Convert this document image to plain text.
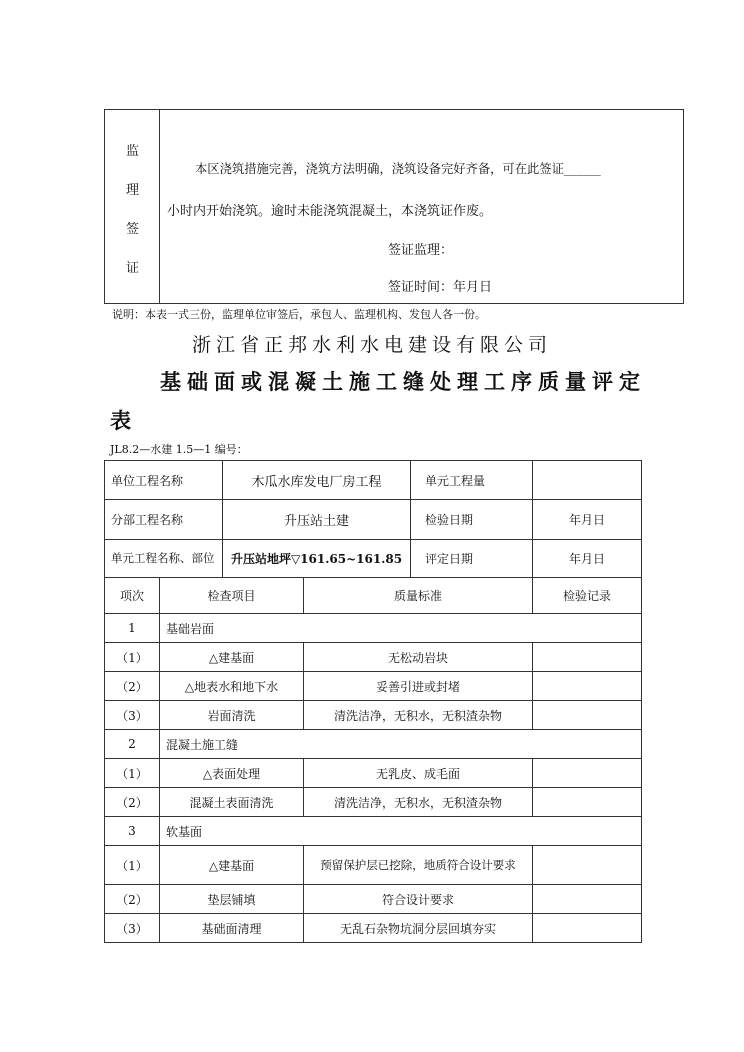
监
理
签
证
本区浇筑措施完善，浇筑方法明确，浇筑设备完好齐备，可在此签证______
小时内开始浇筑。逾时未能浇筑混凝土，本浇筑证作废。
签证监理：
签证时间：年月日
说明：本表一式三份，监理单位审签后，承包人、监理机构、发包人各一份。
浙江省正邦水利水电建设有限公司
基础面或混凝土施工缝处理工序质量评定
表
JL8.2—水建 1.5—1 编号：
单位工程名称		木瓜水库发电厂房工程		单元工程量	
分部工程名称		升压站土建		检验日期	年月日
单元工程名称、部位		升压站地坪▽161.65~161.85		评定日期	年月日
项次	检查项目		质量标准		检验记录
1	基础岩面				
（1）	△建基面		无松动岩块		
（2）	△地表水和地下水		妥善引进或封堵		
（3）	岩面清洗		清洗洁净，无积水，无积渣杂物		
2	混凝土施工缝				
（1）	△表面处理		无乳皮、成毛面		
（2）	混凝土表面清洗		清洗洁净，无积水，无积渣杂物		
3	软基面				
（1）	△建基面		预留保护层已挖除，地质符合设计要求		
（2）	垫层铺填		符合设计要求		
（3）	基础面清理		无乱石杂物坑洞分层回填夯实		
